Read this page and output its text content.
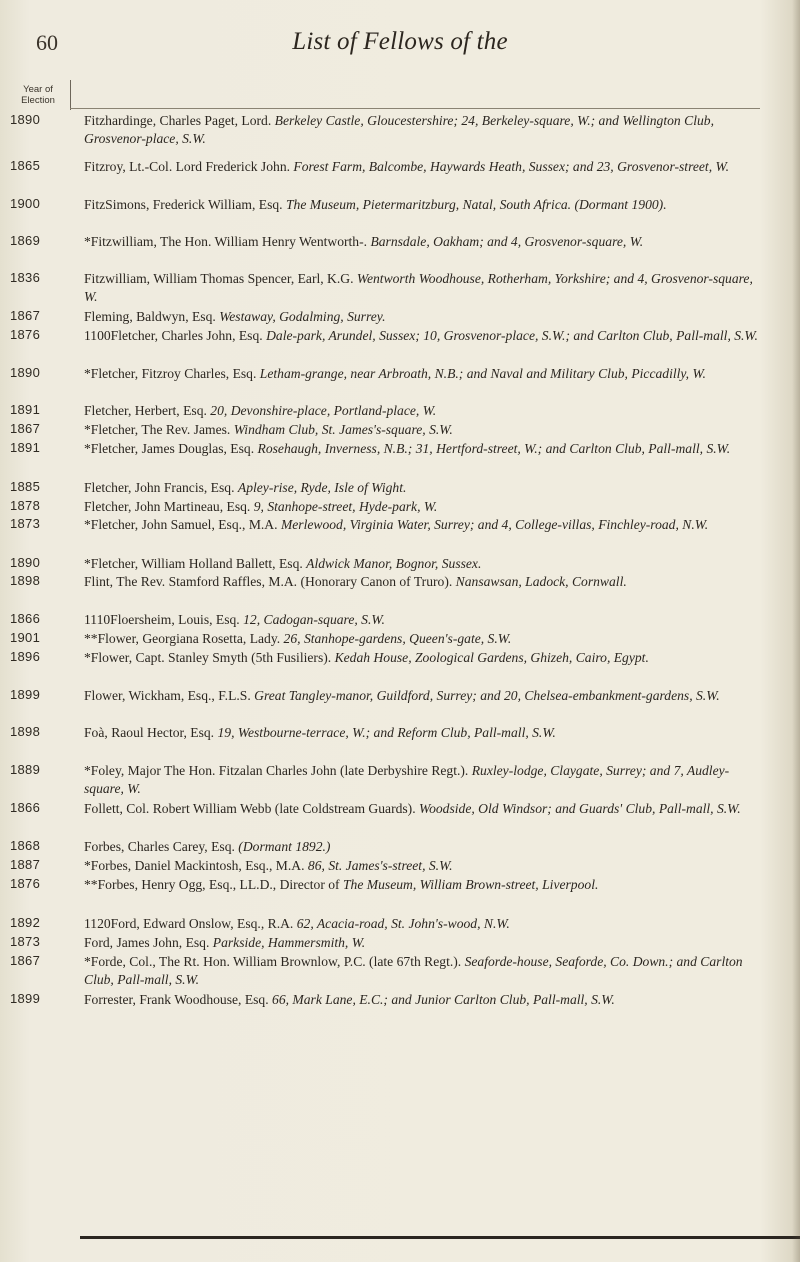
60	List of Fellows of the
Year of Election
1890	Fitzhardinge, Charles Paget, Lord. Berkeley Castle, Gloucestershire; 24, Berkeley-square, W.; and Wellington Club, Grosvenor-place, S.W.
1865	Fitzroy, Lt.-Col. Lord Frederick John. Forest Farm, Balcombe, Haywards Heath, Sussex; and 23, Grosvenor-street, W.
1900	FitzSimons, Frederick William, Esq. The Museum, Pietermaritzburg, Natal, South Africa. (Dormant 1900).
1869	*Fitzwilliam, The Hon. William Henry Wentworth-. Barnsdale, Oakham; and 4, Grosvenor-square, W.
1836	Fitzwilliam, William Thomas Spencer, Earl, K.G. Wentworth Woodhouse, Rotherham, Yorkshire; and 4, Grosvenor-square, W.
1867	Fleming, Baldwyn, Esq. Westaway, Godalming, Surrey.
1876	1100Fletcher, Charles John, Esq. Dale-park, Arundel, Sussex; 10, Grosvenor-place, S.W.; and Carlton Club, Pall-mall, S.W.
1890	*Fletcher, Fitzroy Charles, Esq. Letham-grange, near Arbroath, N.B.; and Naval and Military Club, Piccadilly, W.
1891	Fletcher, Herbert, Esq. 20, Devonshire-place, Portland-place, W.
1867	*Fletcher, The Rev. James. Windham Club, St. James's-square, S.W.
1891	*Fletcher, James Douglas, Esq. Rosehaugh, Inverness, N.B.; 31, Hertford-street, W.; and Carlton Club, Pall-mall, S.W.
1885	Fletcher, John Francis, Esq. Apley-rise, Ryde, Isle of Wight.
1878	Fletcher, John Martineau, Esq. 9, Stanhope-street, Hyde-park, W.
1873	*Fletcher, John Samuel, Esq., M.A. Merlewood, Virginia Water, Surrey; and 4, College-villas, Finchley-road, N.W.
1890	*Fletcher, William Holland Ballett, Esq. Aldwick Manor, Bognor, Sussex.
1898	Flint, The Rev. Stamford Raffles, M.A. (Honorary Canon of Truro). Nansawsan, Ladock, Cornwall.
1866	1110Floersheim, Louis, Esq. 12, Cadogan-square, S.W.
1901	**Flower, Georgiana Rosetta, Lady. 26, Stanhope-gardens, Queen's-gate, S.W.
1896	*Flower, Capt. Stanley Smyth (5th Fusiliers). Kedah House, Zoological Gardens, Ghizeh, Cairo, Egypt.
1899	Flower, Wickham, Esq., F.L.S. Great Tangley-manor, Guildford, Surrey; and 20, Chelsea-embankment-gardens, S.W.
1898	Foà, Raoul Hector, Esq. 19, Westbourne-terrace, W.; and Reform Club, Pall-mall, S.W.
1889	*Foley, Major The Hon. Fitzalan Charles John (late Derbyshire Regt.). Ruxley-lodge, Claygate, Surrey; and 7, Audley-square, W.
1866	Follett, Col. Robert William Webb (late Coldstream Guards). Woodside, Old Windsor; and Guards' Club, Pall-mall, S.W.
1868	Forbes, Charles Carey, Esq. (Dormant 1892.)
1887	*Forbes, Daniel Mackintosh, Esq., M.A. 86, St. James's-street, S.W.
1876	**Forbes, Henry Ogg, Esq., LL.D., Director of The Museum, William Brown-street, Liverpool.
1892	1120Ford, Edward Onslow, Esq., R.A. 62, Acacia-road, St. John's-wood, N.W.
1873	Ford, James John, Esq. Parkside, Hammersmith, W.
1867	*Forde, Col., The Rt. Hon. William Brownlow, P.C. (late 67th Regt.). Seaforde-house, Seaforde, Co. Down.; and Carlton Club, Pall-mall, S.W.
1899	Forrester, Frank Woodhouse, Esq. 66, Mark Lane, E.C.; and Junior Carlton Club, Pall-mall, S.W.
